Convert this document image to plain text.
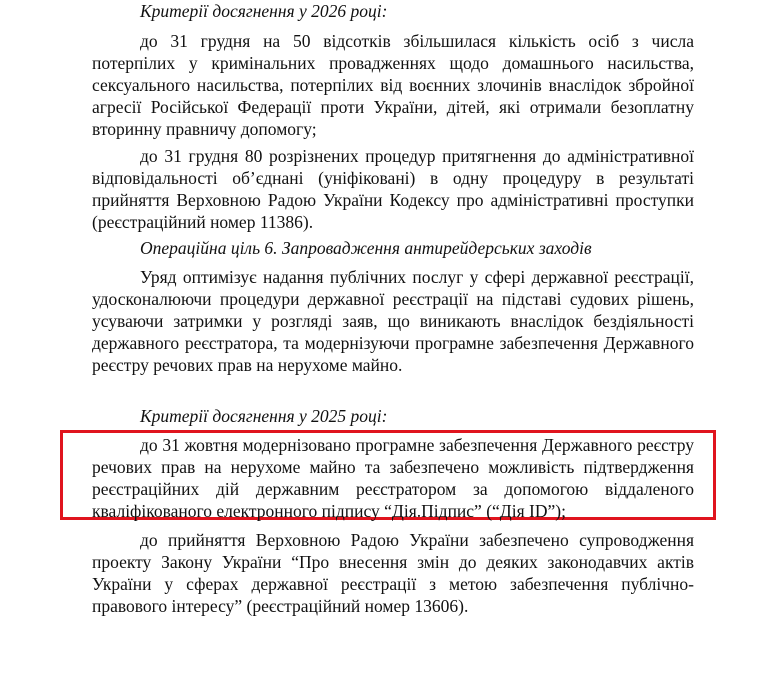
Критерії досягнення у 2026 році:
до 31 грудня на 50 відсотків збільшилася кількість осіб з числа потерпілих у кримінальних провадженнях щодо домашнього насильства, сексуального насильства, потерпілих від воєнних злочинів внаслідок збройної агресії Російської Федерації проти України, дітей, які отримали безоплатну вторинну правничу допомогу;
до 31 грудня 80 розрізнених процедур притягнення до адміністративної відповідальності об’єднані (уніфіковані) в одну процедуру в результаті прийняття Верховною Радою України Кодексу про адміністративні проступки (реєстраційний номер 11386).
Операційна ціль 6. Запровадження антирейдерських заходів
Уряд оптимізує надання публічних послуг у сфері державної реєстрації, удосконалюючи процедури державної реєстрації на підставі судових рішень, усуваючи затримки у розгляді заяв, що виникають внаслідок бездіяльності державного реєстратора, та модернізуючи програмне забезпечення Державного реєстру речових прав на нерухоме майно.
Критерії досягнення у 2025 році:
до 31 жовтня модернізовано програмне забезпечення Державного реєстру речових прав на нерухоме майно та забезпечено можливість підтвердження реєстраційних дій державним реєстратором за допомогою віддаленого кваліфікованого електронного підпису “Дія.Підпис” (“Дія ID”);
до прийняття Верховною Радою України забезпечено супроводження проекту Закону України “Про внесення змін до деяких законодавчих актів України у сферах державної реєстрації з метою забезпечення публічно-правового інтересу” (реєстраційний номер 13606).
